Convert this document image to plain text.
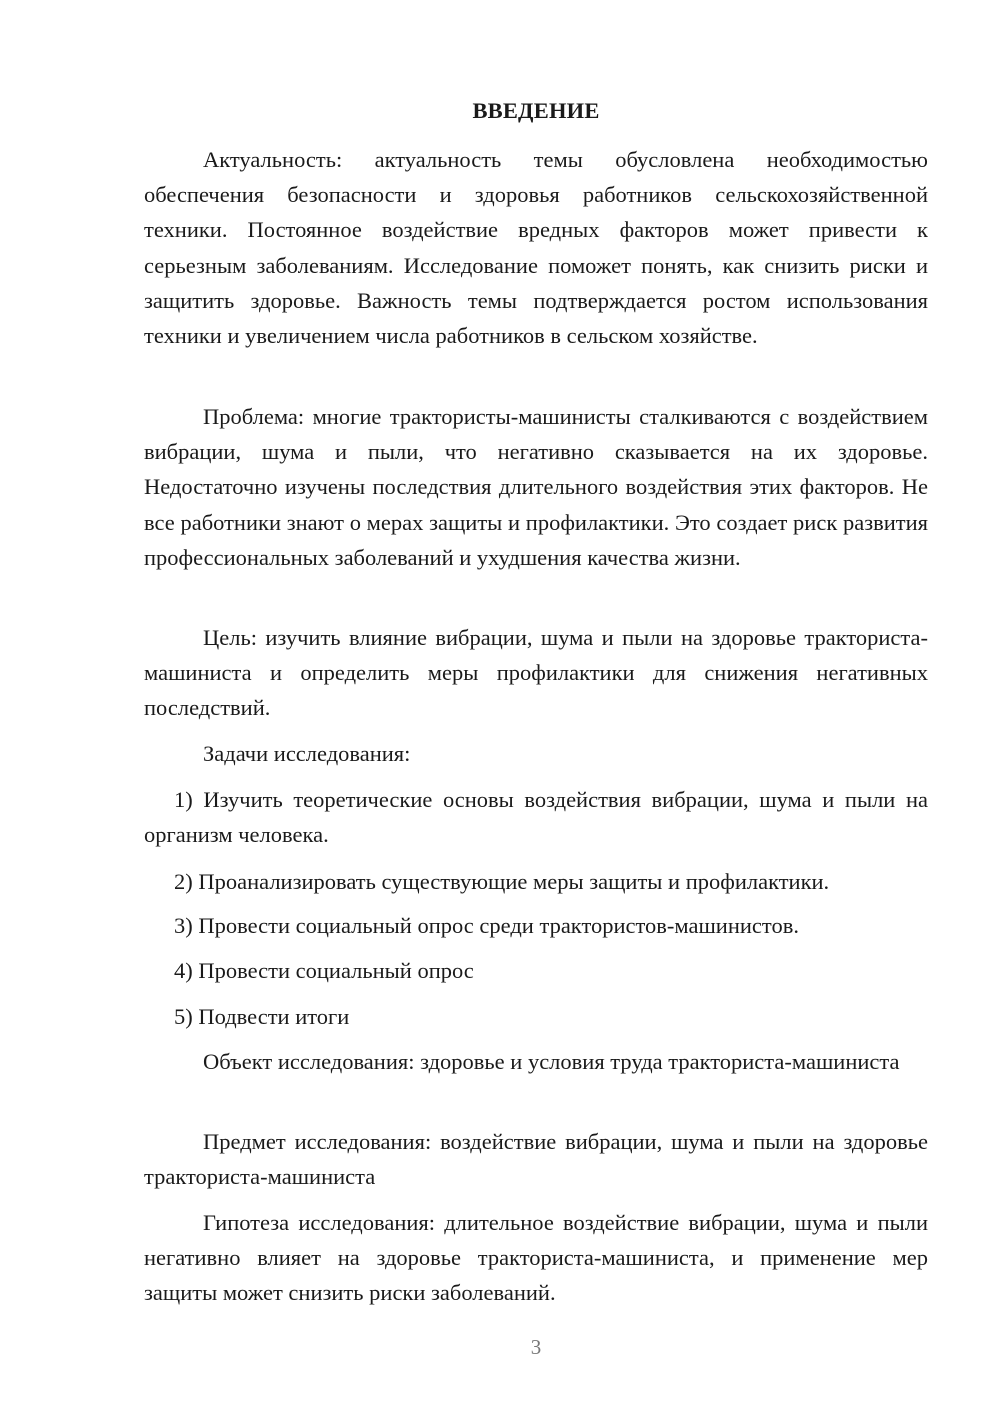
ВВЕДЕНИЕ
Актуальность: актуальность темы обусловлена необходимостью обеспечения безопасности и здоровья работников сельскохозяйственной техники. Постоянное воздействие вредных факторов может привести к серьезным заболеваниям. Исследование поможет понять, как снизить риски и защитить здоровье. Важность темы подтверждается ростом использования техники и увеличением числа работников в сельском хозяйстве.
Проблема: многие трактористы-машинисты сталкиваются с воздействием вибрации, шума и пыли, что негативно сказывается на их здоровье. Недостаточно изучены последствия длительного воздействия этих факторов. Не все работники знают о мерах защиты и профилактики. Это создает риск развития профессиональных заболеваний и ухудшения качества жизни.
Цель: изучить влияние вибрации, шума и пыли на здоровье тракториста-машиниста и определить меры профилактики для снижения негативных последствий.
Задачи исследования:
1) Изучить теоретические основы воздействия вибрации, шума и пыли на организм человека.
2) Проанализировать существующие меры защиты и профилактики.
3) Провести социальный опрос среди трактористов-машинистов.
4) Провести социальный опрос
5) Подвести итоги
Объект исследования: здоровье и условия труда тракториста-машиниста
Предмет исследования: воздействие вибрации, шума и пыли на здоровье тракториста-машиниста
Гипотеза исследования: длительное воздействие вибрации, шума и пыли негативно влияет на здоровье тракториста-машиниста, и применение мер защиты может снизить риски заболеваний.
3
